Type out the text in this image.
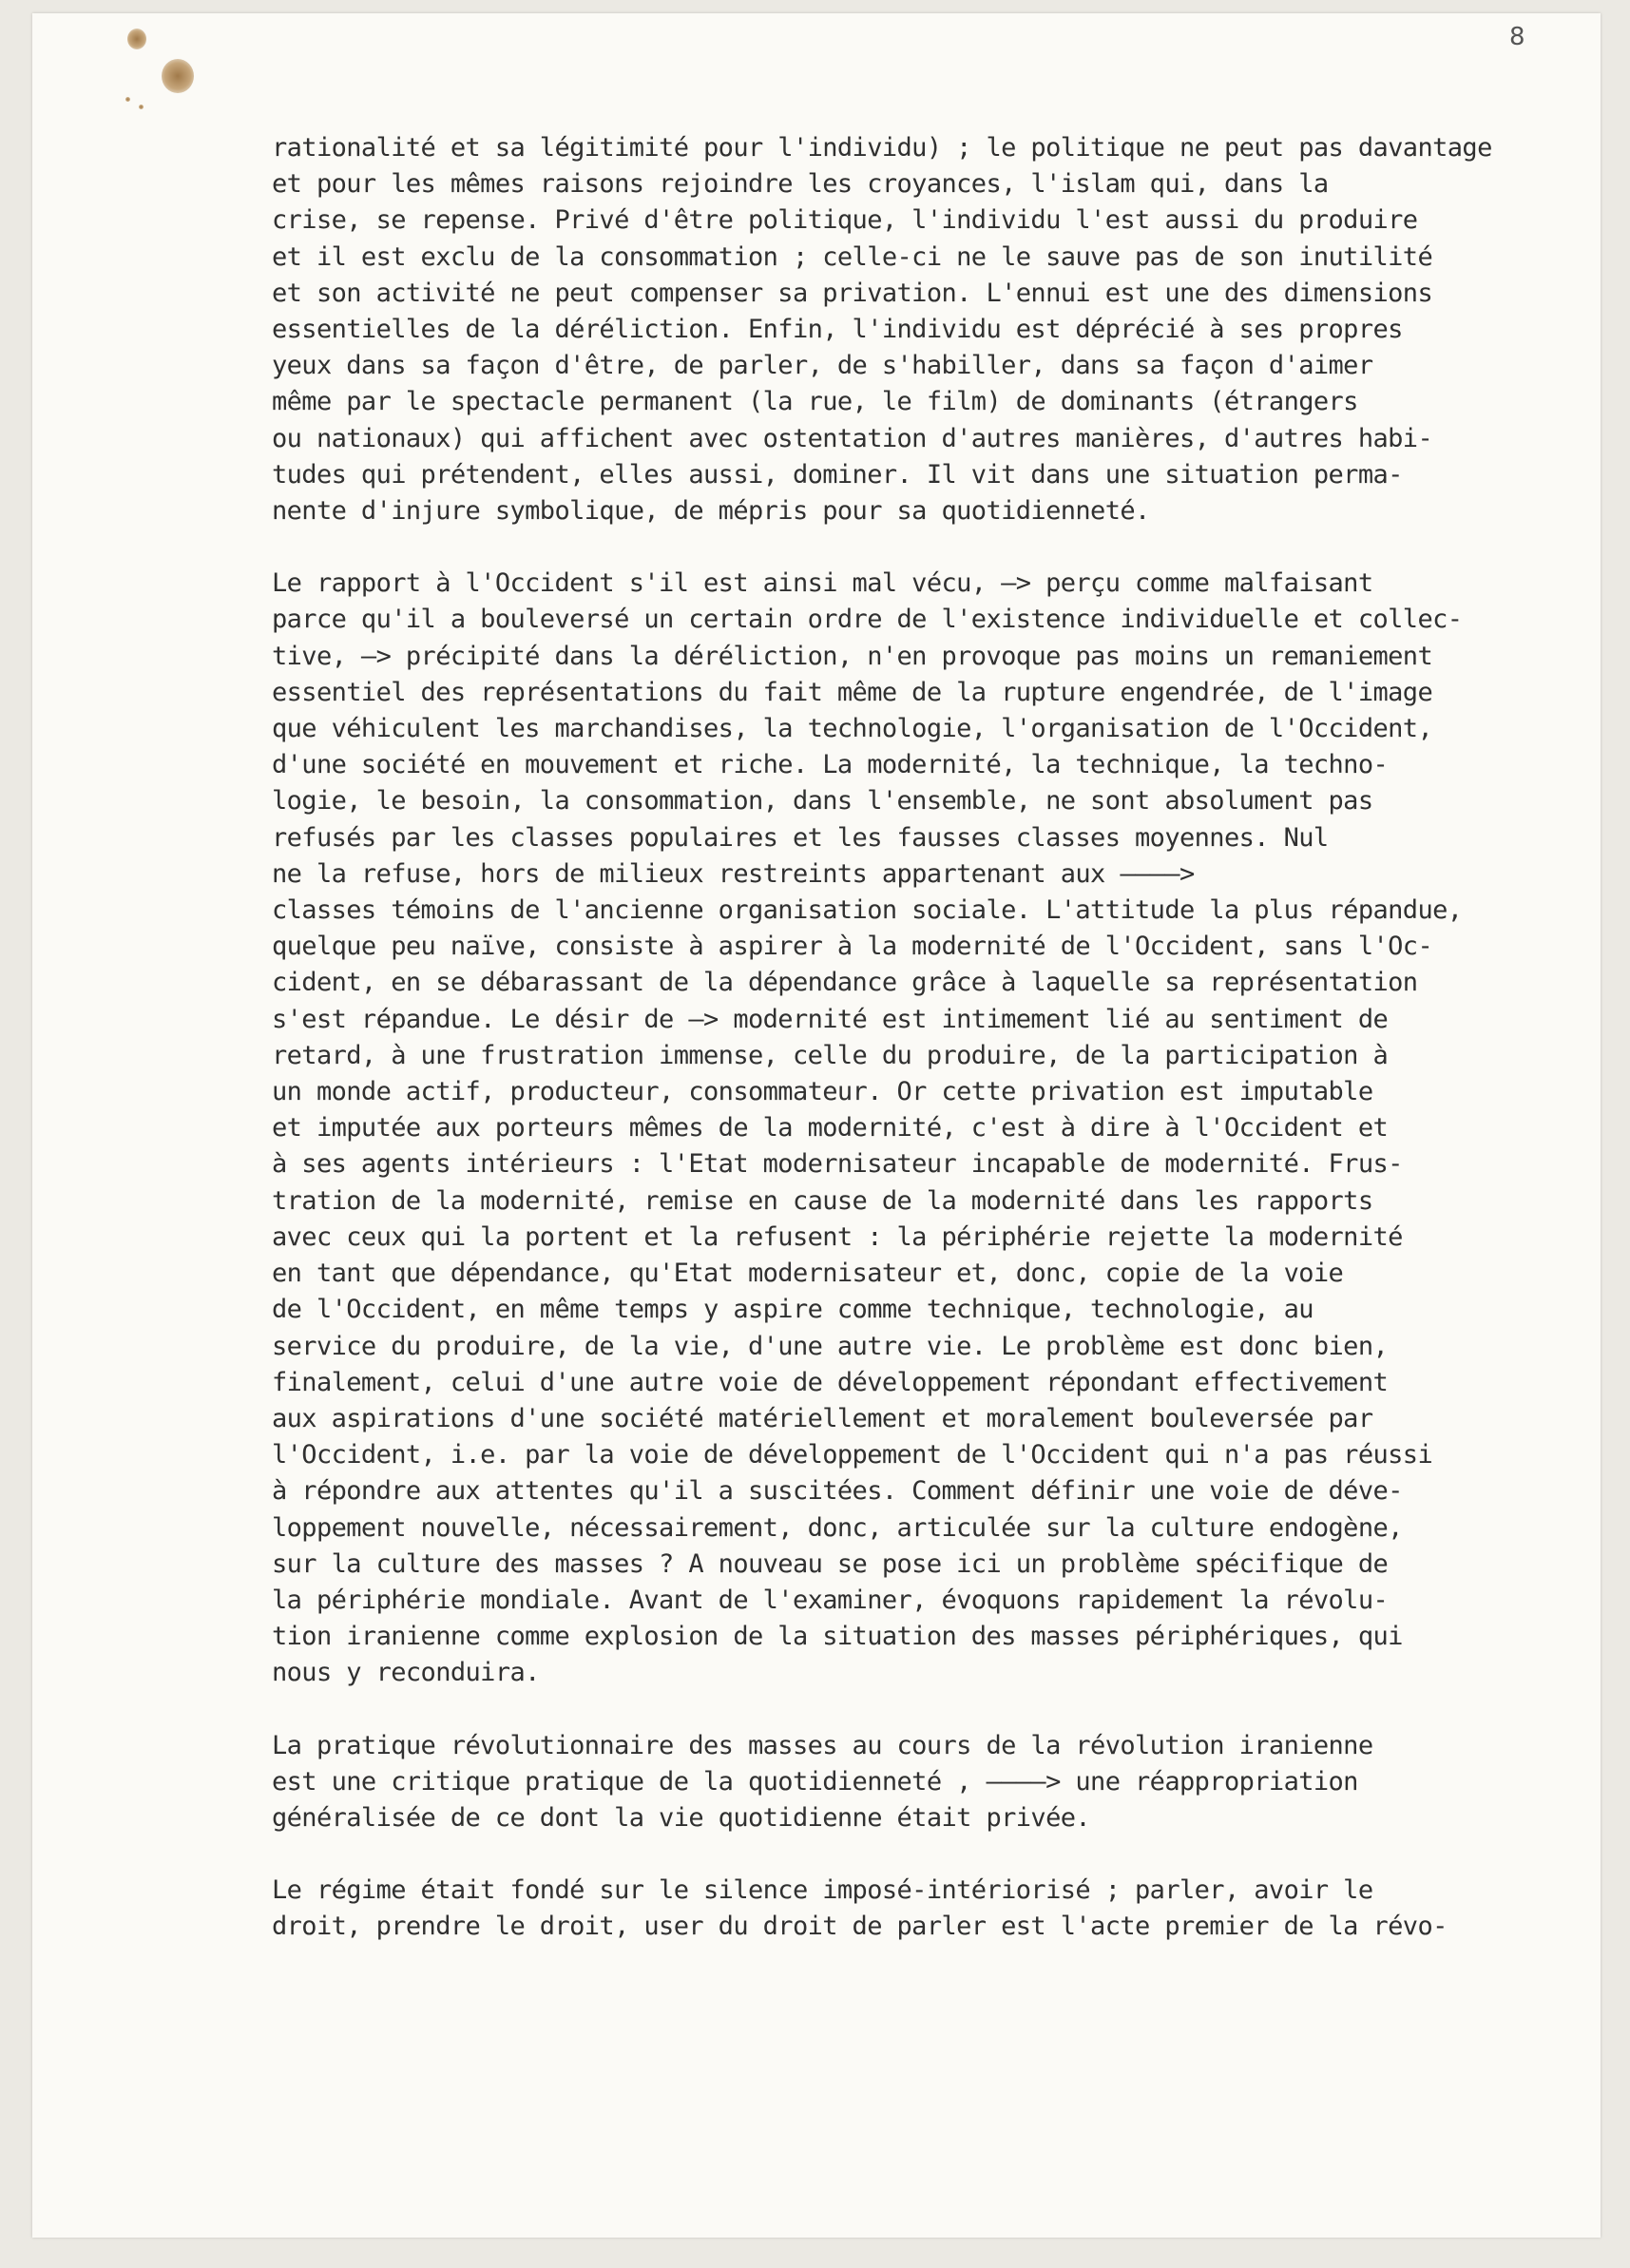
8
rationalité et sa légitimité pour l'individu) ; le politique ne peut pas davantage
et pour les mêmes raisons rejoindre les croyances, l'islam qui, dans la
crise, se repense. Privé d'être politique, l'individu l'est aussi du produire
et il est exclu de la consommation ; celle-ci ne le sauve pas de son inutilité
et son activité ne peut compenser sa privation. L'ennui est une des dimensions
essentielles de la déréliction. Enfin, l'individu est déprécié à ses propres
yeux dans sa façon d'être, de parler, de s'habiller, dans sa façon d'aimer
même par le spectacle permanent (la rue, le film) de dominants (étrangers
ou nationaux) qui affichent avec ostentation d'autres manières, d'autres habi-
tudes qui prétendent, elles aussi, dominer. Il vit dans une situation perma-
nente d'injure symbolique, de mépris pour sa quotidienneté.
Le rapport à l'Occident s'il est ainsi mal vécu, —> perçu comme malfaisant
parce qu'il a bouleversé un certain ordre de l'existence individuelle et collec-
tive, —> précipité dans la déréliction, n'en provoque pas moins un remaniement
essentiel des représentations du fait même de la rupture engendrée, de l'image
que véhiculent les marchandises, la technologie, l'organisation de l'Occident,
d'une société en mouvement et riche. La modernité, la technique, la techno-
logie, le besoin, la consommation, dans l'ensemble, ne sont absolument pas
refusés par les classes populaires et les fausses classes moyennes. Nul
ne la refuse, hors de milieux restreints appartenant aux ————>
classes témoins de l'ancienne organisation sociale. L'attitude la plus répandue,
quelque peu naïve, consiste à aspirer à la modernité de l'Occident, sans l'Oc-
cident, en se débarassant de la dépendance grâce à laquelle sa représentation
s'est répandue. Le désir de —> modernité est intimement lié au sentiment de
retard, à une frustration immense, celle du produire, de la participation à
un monde actif, producteur, consommateur. Or cette privation est imputable
et imputée aux porteurs mêmes de la modernité, c'est à dire à l'Occident et
à ses agents intérieurs : l'Etat modernisateur incapable de modernité. Frus-
tration de la modernité, remise en cause de la modernité dans les rapports
avec ceux qui la portent et la refusent : la périphérie rejette la modernité
en tant que dépendance, qu'Etat modernisateur et, donc, copie de la voie
de l'Occident, en même temps y aspire comme technique, technologie, au
service du produire, de la vie, d'une autre vie. Le problème est donc bien,
finalement, celui d'une autre voie de développement répondant effectivement
aux aspirations d'une société matériellement et moralement bouleversée par
l'Occident, i.e. par la voie de développement de l'Occident qui n'a pas réussi
à répondre aux attentes qu'il a suscitées. Comment définir une voie de déve-
loppement nouvelle, nécessairement, donc, articulée sur la culture endogène,
sur la culture des masses ? A nouveau se pose ici un problème spécifique de
la périphérie mondiale. Avant de l'examiner, évoquons rapidement la révolu-
tion iranienne comme explosion de la situation des masses périphériques, qui
nous y reconduira.
La pratique révolutionnaire des masses au cours de la révolution iranienne
est une critique pratique de la quotidienneté , ————> une réappropriation
généralisée de ce dont la vie quotidienne était privée.
Le régime était fondé sur le silence imposé-intériorisé ; parler, avoir le
droit, prendre le droit, user du droit de parler est l'acte premier de la révo-
